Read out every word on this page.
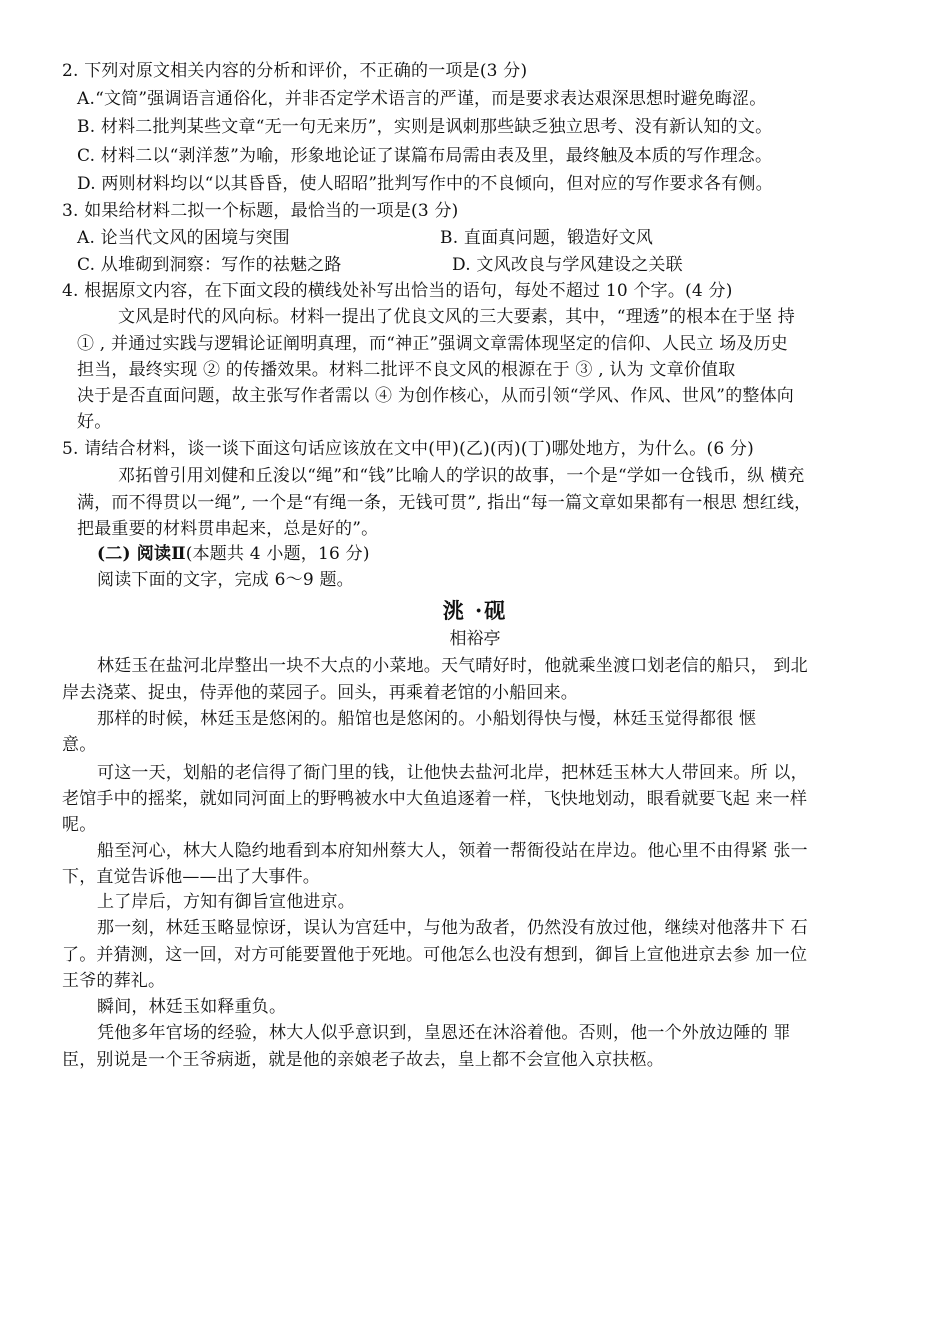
2. 下列对原文相关内容的分析和评价，不正确的一项是(3 分)
A.“文简”强调语言通俗化，并非否定学术语言的严谨，而是要求表达艰深思想时避免晦涩。
B. 材料二批判某些文章“无一句无来历”，实则是讽刺那些缺乏独立思考、没有新认知的文。
C. 材料二以“剥洋葱”为喻，形象地论证了谋篇布局需由表及里，最终触及本质的写作理念。
D. 两则材料均以“以其昏昏，使人昭昭”批判写作中的不良倾向，但对应的写作要求各有侧。
3. 如果给材料二拟一个标题，最恰当的一项是(3 分)
A. 论当代文风的困境与突围	B. 直面真问题，锻造好文风
C. 从堆砌到洞察：写作的祛魅之路	D. 文风改良与学风建设之关联
4. 根据原文内容，在下面文段的横线处补写出恰当的语句，每处不超过 10 个字。(4 分)
文风是时代的风向标。材料一提出了优良文风的三大要素，其中，“理透”的根本在于坚 持
① , 并通过实践与逻辑论证阐明真理，而“神正”强调文章需体现坚定的信仰、人民立 场及历史
担当，最终实现 ② 的传播效果。材料二批评不良文风的根源在于 ③ , 认为 文章价值取
决于是否直面问题，故主张写作者需以 ④ 为创作核心，从而引领“学风、作风、世风”的整体向
好。
5. 请结合材料，谈一谈下面这句话应该放在文中(甲)(乙)(丙)(丁)哪处地方，为什么。(6 分)
邓拓曾引用刘健和丘浚以“绳”和“钱”比喻人的学识的故事，一个是“学如一仓钱币，纵 横充
满，而不得贯以一绳”, 一个是“有绳一条，无钱可贯”, 指出“每一篇文章如果都有一根思 想红线，
把最重要的材料贯串起来，总是好的”。
(二) 阅读Ⅱ(本题共 4 小题，16 分)
阅读下面的文字，完成 6～9 题。
洮 ·砚
相裕亭
林廷玉在盐河北岸整出一块不大点的小菜地。天气晴好时，他就乘坐渡口划老信的船只， 到北
岸去浇菜、捉虫，侍弄他的菜园子。回头，再乘着老馆的小船回来。
那样的时候，林廷玉是悠闲的。船馆也是悠闲的。小船划得快与慢，林廷玉觉得都很 惬
意。
可这一天，划船的老信得了衙门里的钱，让他快去盐河北岸，把林廷玉林大人带回来。所 以，
老馆手中的摇桨，就如同河面上的野鸭被水中大鱼追逐着一样，飞快地划动，眼看就要飞起 来一样
呢。
船至河心，林大人隐约地看到本府知州蔡大人，领着一帮衙役站在岸边。他心里不由得紧 张一
下，直觉告诉他——出了大事件。
上了岸后，方知有御旨宣他进京。
那一刻，林廷玉略显惊讶，误认为宫廷中，与他为敌者，仍然没有放过他，继续对他落井下 石
了。并猜测，这一回，对方可能要置他于死地。可他怎么也没有想到，御旨上宣他进京去参 加一位
王爷的葬礼。
瞬间，林廷玉如释重负。
凭他多年官场的经验，林大人似乎意识到，皇恩还在沐浴着他。否则，他一个外放边陲的 罪
臣，别说是一个王爷病逝，就是他的亲娘老子故去，皇上都不会宣他入京扶柩。
